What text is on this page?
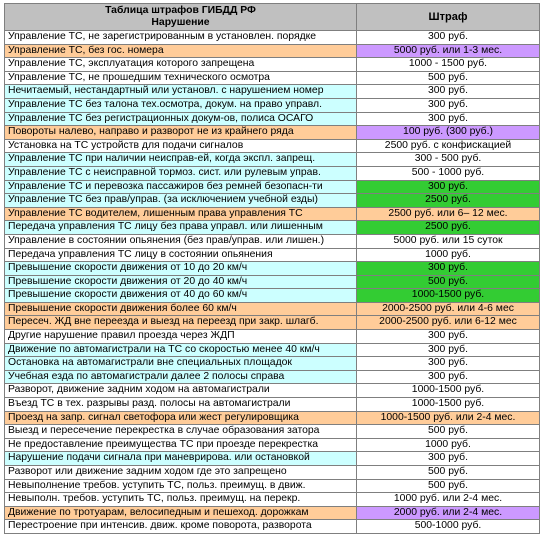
Таблица штрафов ГИБДД РФ
Нарушение	Штраф
Управление ТС, не зарегистрированным в установлен. порядке	300 руб.
Управление ТС, без гос. номера	5000 руб. или 1-3 мес.
Управление ТС, эксплуатация которого запрещена	1000 - 1500 руб.
Управление ТС, не прошедшим технического осмотра	500 руб.
Нечитаемый, нестандартный или установл. с нарушением номер	300 руб.
Управление ТС без талона тех.осмотра, докум. на право управл.	300 руб.
Управление ТС без регистрационных докум-ов, полиса ОСАГО	300 руб.
Повороты налево, направо и разворот не из крайнего ряда	100 руб. (300 руб.)
Установка на ТС устройств для подачи сигналов	2500 руб. с конфискацией
Управление ТС при наличии неисправ-ей, когда экспл. запрещ.	300 - 500 руб.
Управление ТС с неисправной тормоз. сист. или рулевым управ.	500 - 1000 руб.
Управление ТС и перевозка пассажиров без ремней безопасн-ти	300 руб.
Управление ТС без прав/управ. (за исключением учебной езды)	2500 руб.
Управление ТС водителем, лишенным права управления ТС	2500 руб. или 6– 12 мес.
Передача управления ТС лицу без права управл. или лишенным	2500 руб.
Управление в состоянии опьянения (без прав/управ. или лишен.)	5000 руб. или 15 суток
Передача управления ТС лицу в состоянии опьянения	1000 руб.
Превышение скорости движения от 10 до 20 км/ч	300 руб.
Превышение скорости движения от 20 до 40 км/ч	500 руб.
Превышение скорости движения от 40 до 60 км/ч	1000-1500 руб.
Превышение скорости движения более 60 км/ч	2000-2500 руб. или 4-6 мес
Пересеч. ЖД вне переезда и выезд на переезд при закр. шлагб.	2000-2500 руб. или 6-12 мес
Другие нарушение правил проезда через ЖДП	300 руб.
Движение по автомагистрали на ТС со скоростью менее 40 км/ч	300 руб.
Остановка на автомагистрали вне специальных площадок	300 руб.
Учебная езда по автомагистрали далее 2 полосы справа	300 руб.
Разворот, движение задним ходом на автомагистрали	1000-1500 руб.
Въезд ТС в тех. разрывы разд. полосы на автомагистрали	1000-1500 руб.
Проезд на запр. сигнал светофора или жест регулировщика	1000-1500 руб. или 2-4 мес.
Выезд и пересечение перекрестка в случае образования затора	500 руб.
Не предоставление преимущества ТС при проезде перекрестка	1000 руб.
Нарушение подачи сигнала при маневрирова. или остановкой	300 руб.
Разворот или движение задним ходом где это запрещено	500 руб.
Невыполнение требов. уступить ТС, польз. преимущ. в движ.	500 руб.
Невыполн. требов. уступить ТС, польз. преимущ. на перекр.	1000 руб. или 2-4 мес.
Движение по тротуарам, велосипедным и пешеход. дорожкам	2000 руб. или 2-4 мес.
Перестроение при интенсив. движ. кроме поворота, разворота	500-1000 руб.
